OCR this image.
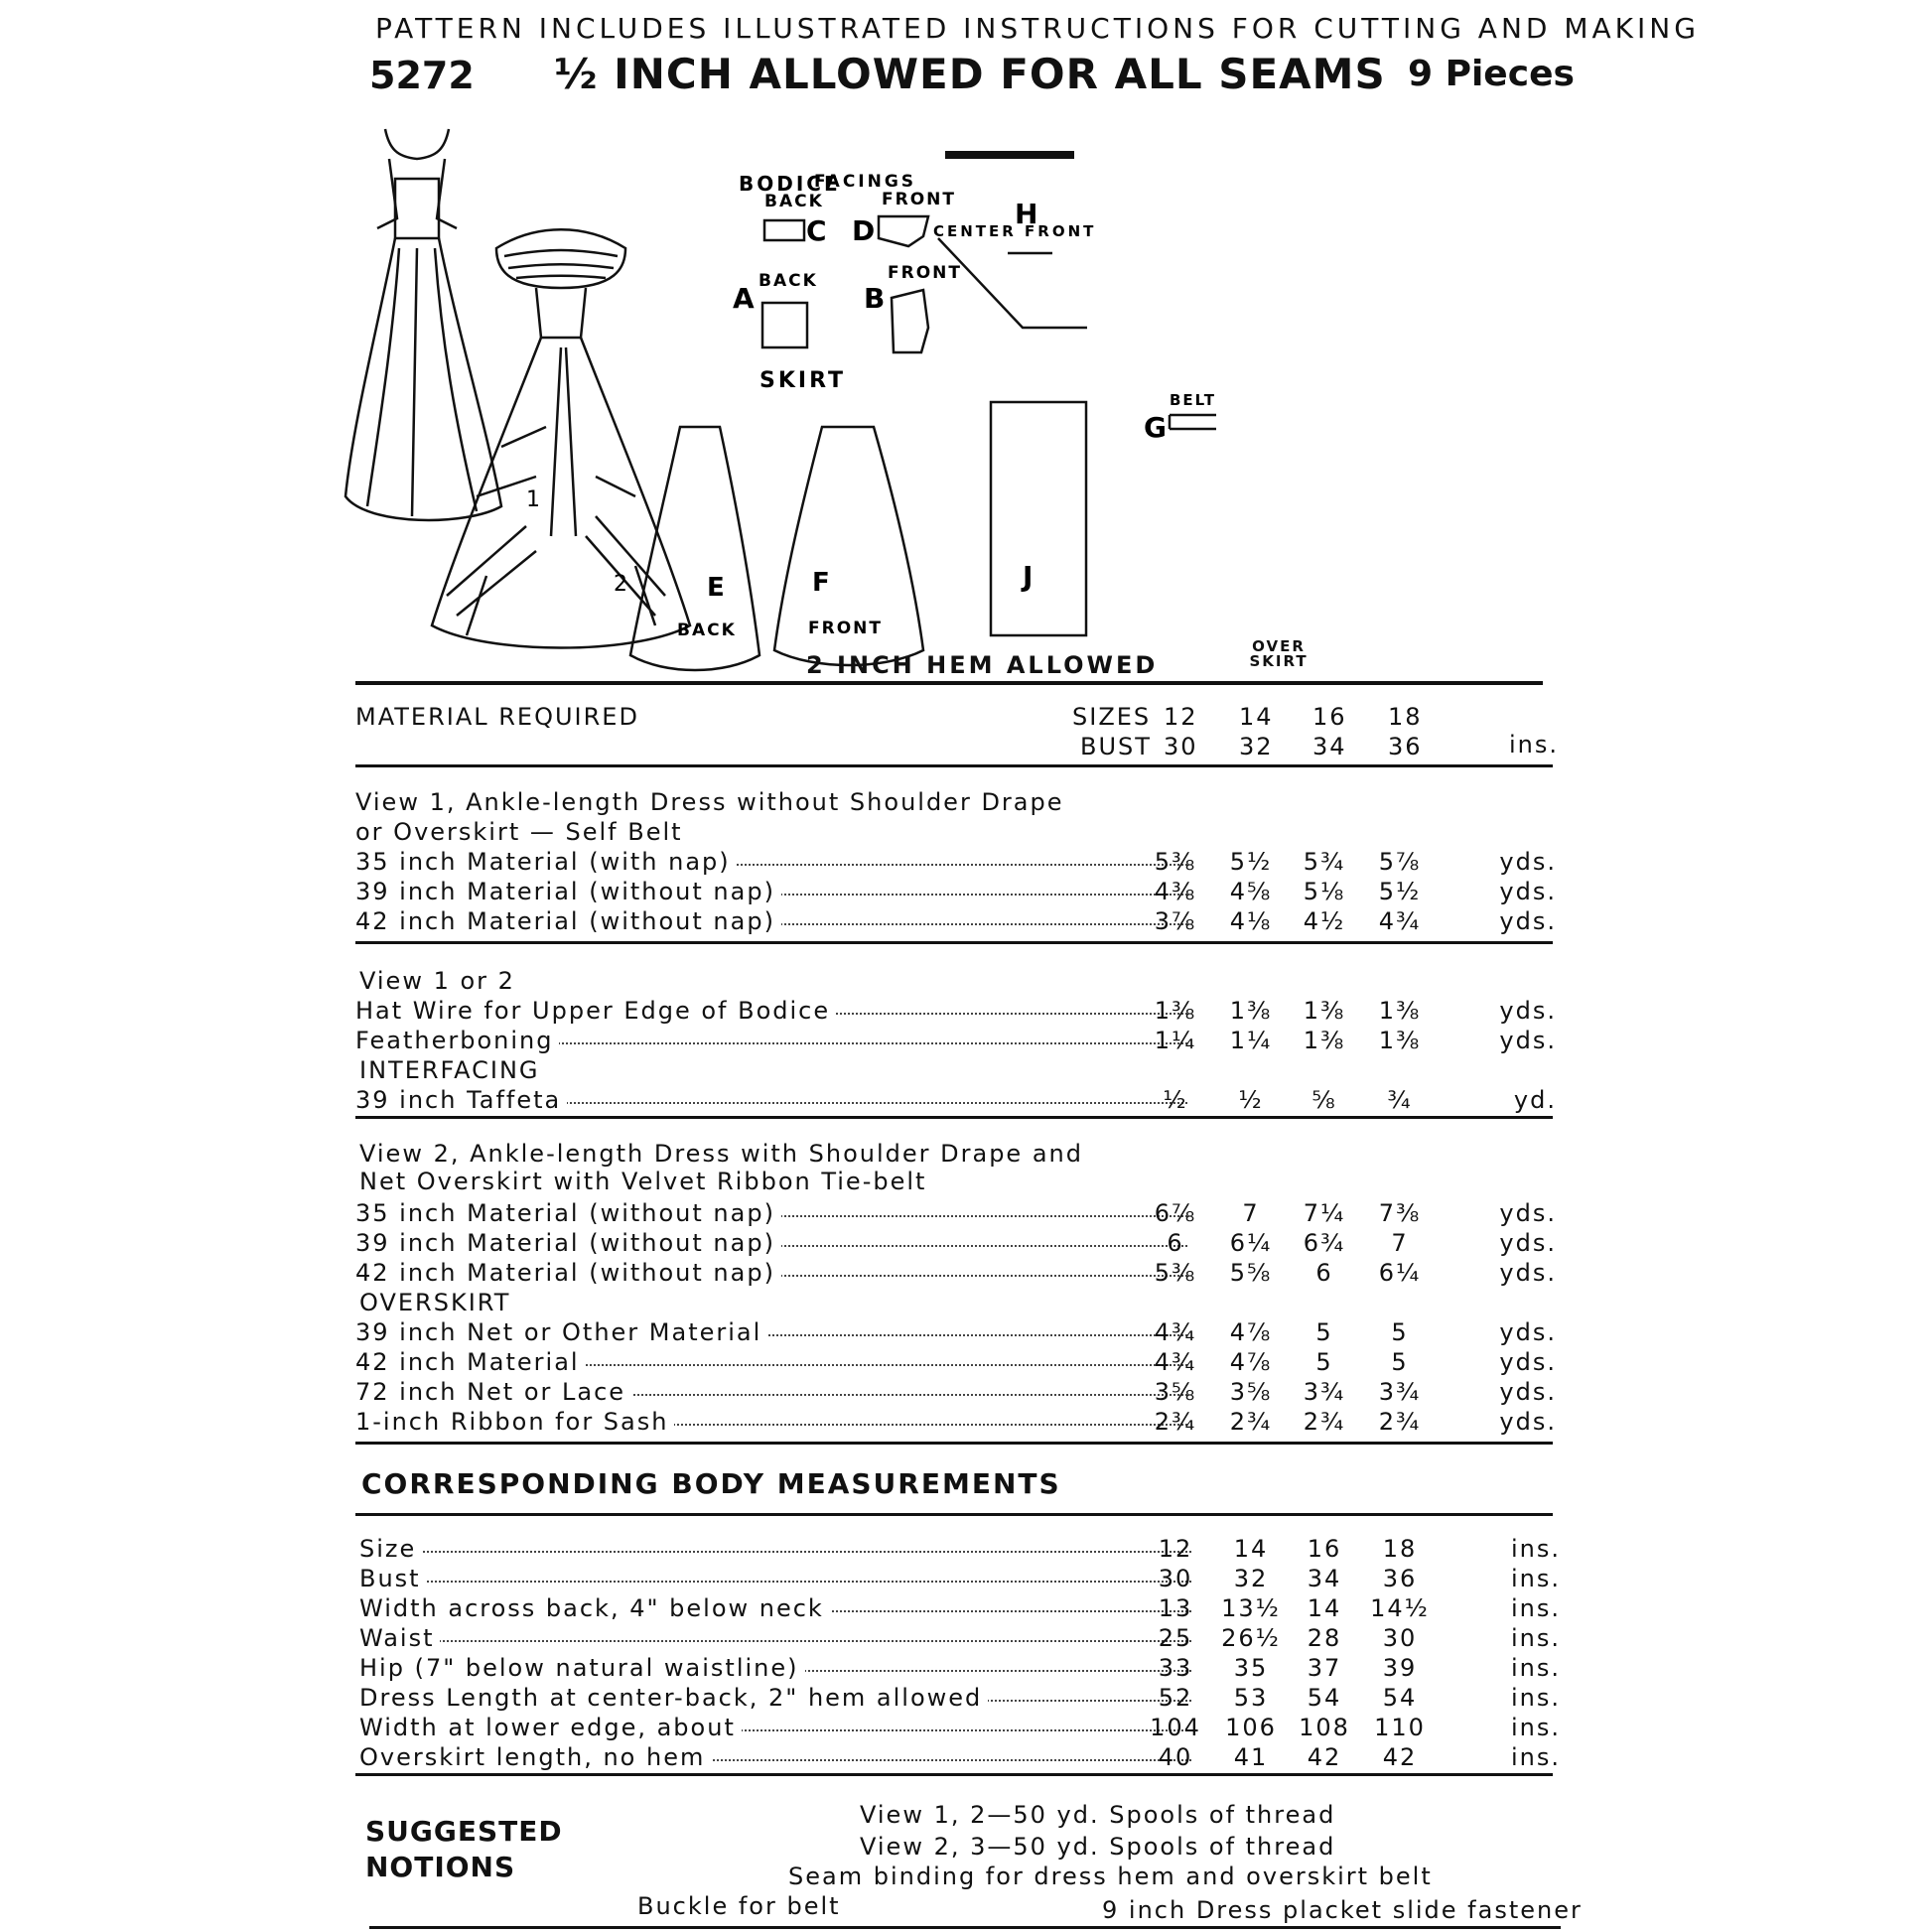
PATTERN INCLUDES ILLUSTRATED INSTRUCTIONS FOR CUTTING AND MAKING
5272 ½ INCH ALLOWED FOR ALL SEAMS 9 Pieces
1
2
BODICE
FACINGS
BACK	FRONT
C D	CENTER FRONT
BACK
A
FRONT
B
H
SKIRT
E
BACK
F
FRONT
J
BELT
G
2 INCH HEM ALLOWED
OVER SKIRT
MATERIAL REQUIRED	SIZES 12 14 16 18
BUST 30 32 34 36	ins.
View 1, Ankle-length Dress without Shoulder Drape
or Overskirt — Self Belt
35 inch Material (with nap)	5⅜	5½	5¾	5⅞	yds.
39 inch Material (without nap)	4⅜	4⅝	5⅛	5½	yds.
42 inch Material (without nap)	3⅞	4⅛	4½	4¾	yds.
View 1 or 2
Hat Wire for Upper Edge of Bodice	1⅜	1⅜	1⅜	1⅜	yds.
Featherboning	1¼	1¼	1⅜	1⅜	yds.
INTERFACING
39 inch Taffeta	½	½	⅝	¾	yd.
View 2, Ankle-length Dress with Shoulder Drape and
Net Overskirt with Velvet Ribbon Tie-belt
35 inch Material (without nap)	6⅞	7	7¼	7⅜	yds.
39 inch Material (without nap)	6	6¼	6¾	7	yds.
42 inch Material (without nap)	5⅜	5⅝	6	6¼	yds.
OVERSKIRT
39 inch Net or Other Material	4¾	4⅞	5	5	yds.
42 inch Material	4¾	4⅞	5	5	yds.
72 inch Net or Lace	3⅝	3⅝	3¾	3¾	yds.
1-inch Ribbon for Sash	2¾	2¾	2¾	2¾	yds.
CORRESPONDING BODY MEASUREMENTS
Size	12	14	16	18	ins.
Bust	30	32	34	36	ins.
Width across back, 4" below neck	13	13½	14	14½	ins.
Waist	25	26½	28	30	ins.
Hip (7" below natural waistline)	33	35	37	39	ins.
Dress Length at center-back, 2" hem allowed	52	53	54	54	ins.
Width at lower edge, about	104 106 108 110	ins.
Overskirt length, no hem	40	41	42	42	ins.
SUGGESTED
NOTIONS
View 1, 2—50 yd. Spools of thread
View 2, 3—50 yd. Spools of thread
Seam binding for dress hem and overskirt belt
Buckle for belt	9 inch Dress placket slide fastener
